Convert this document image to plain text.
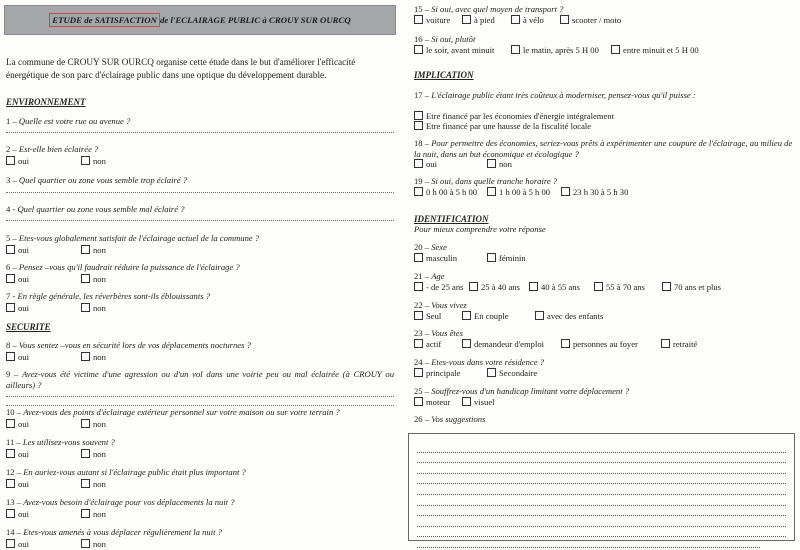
ETUDE de SATISFACTION de l'ECLAIRAGE PUBLIC à CROUY SUR OURCQ
La commune de CROUY SUR OURCQ organise cette étude dans le but d'améliorer l'efficacité énergétique de son parc d'éclairage public dans une optique du développement durable.
ENVIRONNEMENT
1 – Quelle est votre rue ou avenue ?
2 – Est-elle bien éclairée ?
oui	non
3 – Quel quartier ou zone vous semble trop éclairé ?
4 - Quel quartier ou zone vous semble mal éclairé ?
5 – Etes-vous globalement satisfait de l'éclairage actuel de la commune ?
oui	non
6 – Pensez –vous qu'il faudrait réduire la puissance de l'éclairage ?
oui	non
7 - En règle générale, les réverbères sont-ils éblouissants ?
oui	non
SECURITE
8 – Vous sentez –vous en sécurité lors de vos déplacements nocturnes ?
oui	non
9 – Avez-vous été victime d'une agression ou d'un vol dans une voirie peu ou mal éclairée (à CROUY ou ailleurs) ?
10 – Avez-vous des points d'éclairage extérieur personnel sur votre maison ou sur votre terrain ?
oui	non
11 – Les utilisez-vous souvent ?
oui	non
12 – En auriez-vous autant si l'éclairage public était plus important ?
oui	non
13 – Avez-vous besoin d'éclairage pour vos déplacements la nuit ?
oui	non
14 – Etes-vous amenés à vous déplacer régulièrement la nuit ?
oui	non
15 – Si oui, avec quel moyen de transport ?
voiture	à pied	à vélo	scooter / moto
16 – Si oui, plutôt
le soir, avant minuit	le matin, après 5 H 00	entre minuit et 5 H 00
IMPLICATION
17 – L'éclairage public étant très coûteux à moderniser, pensez-vous qu'il puisse :
Etre financé par les économies d'énergie intégralement
Etre financé par une hausse de la fiscalité locale
18 – Pour permettre des économies, seriez-vous prêts à expérimenter une coupure de l'éclairage, au milieu de la nuit, dans un but économique et écologique ?
oui	non
19 – Si oui, dans quelle tranche horaire ?
0 h 00 à 5 h 00	1 h 00 à 5 h 00	23 h 30 à 5 h 30
IDENTIFICATION
Pour mieux comprendre votre réponse
20 – Sexe
masculin	féminin
21 – Age
- de 25 ans 25 à 40 ans 40 à 55 ans	55 à 70 ans	70 ans et plus
22 – Vous vivez
Seul	En couple	avec des enfants
23 – Vous êtes
actif	demandeur d'emploi	personnes au foyer	retraité
24 – Etes-vous dans votre résidence ?
principale	Secondaire
25 – Souffrez-vous d'un handicap limitant votre déplacement ?
moteur	visuel
26 – Vos suggestions
